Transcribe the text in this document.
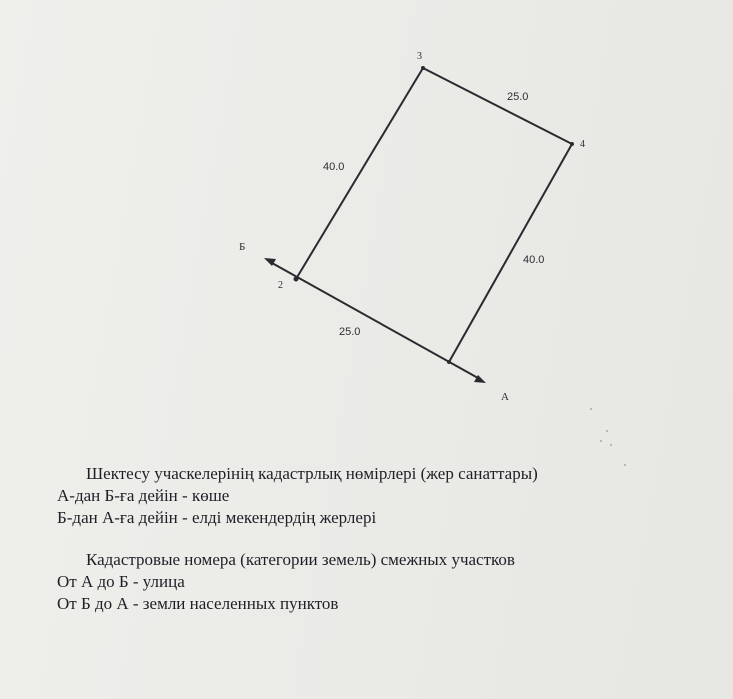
2
3
4
40.0
25.0
40.0
25.0
Б
А
Шектесу учаскелерінің кадастрлық нөмірлері (жер санаттары)
А-дан Б-ға дейін - көше
Б-дан А-ға дейін - елді мекендердің жерлері
Кадастровые номера (категории земель) смежных участков
От А до Б - улица
От Б до А - земли населенных пунктов
